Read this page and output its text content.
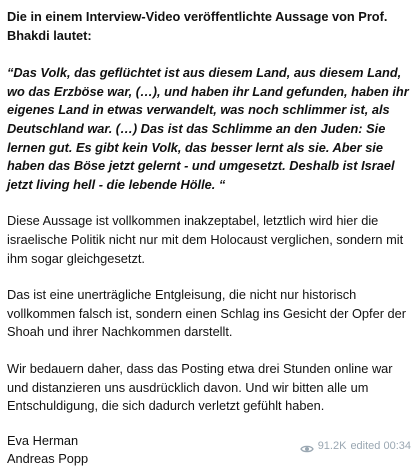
Die in einem Interview-Video veröffentlichte Aussage von Prof. Bhakdi lautet:
“Das Volk, das geflüchtet ist aus diesem Land, aus diesem Land, wo das Erzböse war, (…), und haben ihr Land gefunden, haben ihr eigenes Land in etwas verwandelt, was noch schlimmer ist, als Deutschland war. (…) Das ist das Schlimme an den Juden: Sie lernen gut. Es gibt kein Volk, das besser lernt als sie. Aber sie haben das Böse jetzt gelernt - und umgesetzt. Deshalb ist Israel jetzt living hell - die lebende Hölle. “
Diese Aussage ist vollkommen inakzeptabel, letztlich wird hier die israelische Politik nicht nur mit dem Holocaust verglichen, sondern mit ihm sogar gleichgesetzt.
Das ist eine unerträgliche Entgleisung, die nicht nur historisch vollkommen falsch ist, sondern einen Schlag ins Gesicht der Opfer der Shoah und ihrer Nachkommen darstellt.
Wir bedauern daher, dass das Posting etwa drei Stunden online war und distanzieren uns ausdrücklich davon. Und wir bitten alle um Entschuldigung, die sich dadurch verletzt gefühlt haben.
Eva Herman
Andreas Popp
91.2K edited 00:34
